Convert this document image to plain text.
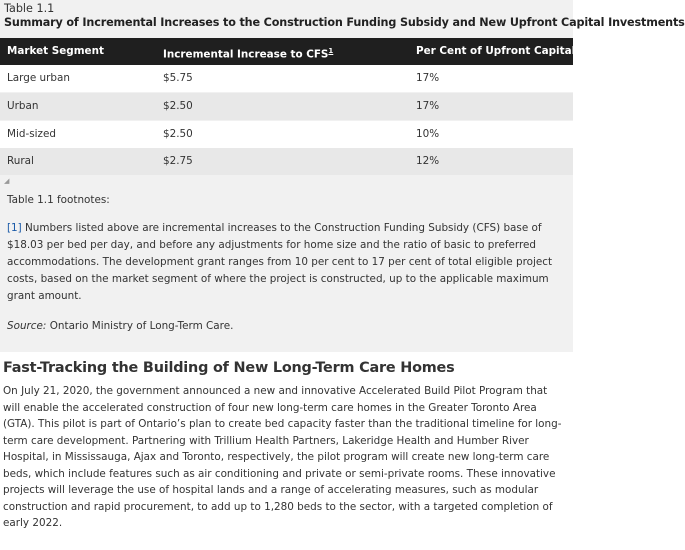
Table 1.1
Summary of Incremental Increases to the Construction Funding Subsidy and New Upfront Capital Investments
Market Segment	Incremental Increase to CFS$^1$	Per Cent of Upfront Capital
Large urban	$5.75	17%
Urban	$2.50	17%
Mid-sized	$2.50	10%
Rural	$2.75	12%
◢
Table 1.1 footnotes:
[1] Numbers listed above are incremental increases to the Construction Funding Subsidy (CFS) base of
$18.03 per bed per day, and before any adjustments for home size and the ratio of basic to preferred
accommodations. The development grant ranges from 10 per cent to 17 per cent of total eligible project
costs, based on the market segment of where the project is constructed, up to the applicable maximum
grant amount.
Source: Ontario Ministry of Long-Term Care.
Fast-Tracking the Building of New Long-Term Care Homes
On July 21, 2020, the government announced a new and innovative Accelerated Build Pilot Program that
will enable the accelerated construction of four new long-term care homes in the Greater Toronto Area
(GTA). This pilot is part of Ontario’s plan to create bed capacity faster than the traditional timeline for long-
term care development. Partnering with Trillium Health Partners, Lakeridge Health and Humber River
Hospital, in Mississauga, Ajax and Toronto, respectively, the pilot program will create new long-term care
beds, which include features such as air conditioning and private or semi-private rooms. These innovative
projects will leverage the use of hospital lands and a range of accelerating measures, such as modular
construction and rapid procurement, to add up to 1,280 beds to the sector, with a targeted completion of
early 2022.
